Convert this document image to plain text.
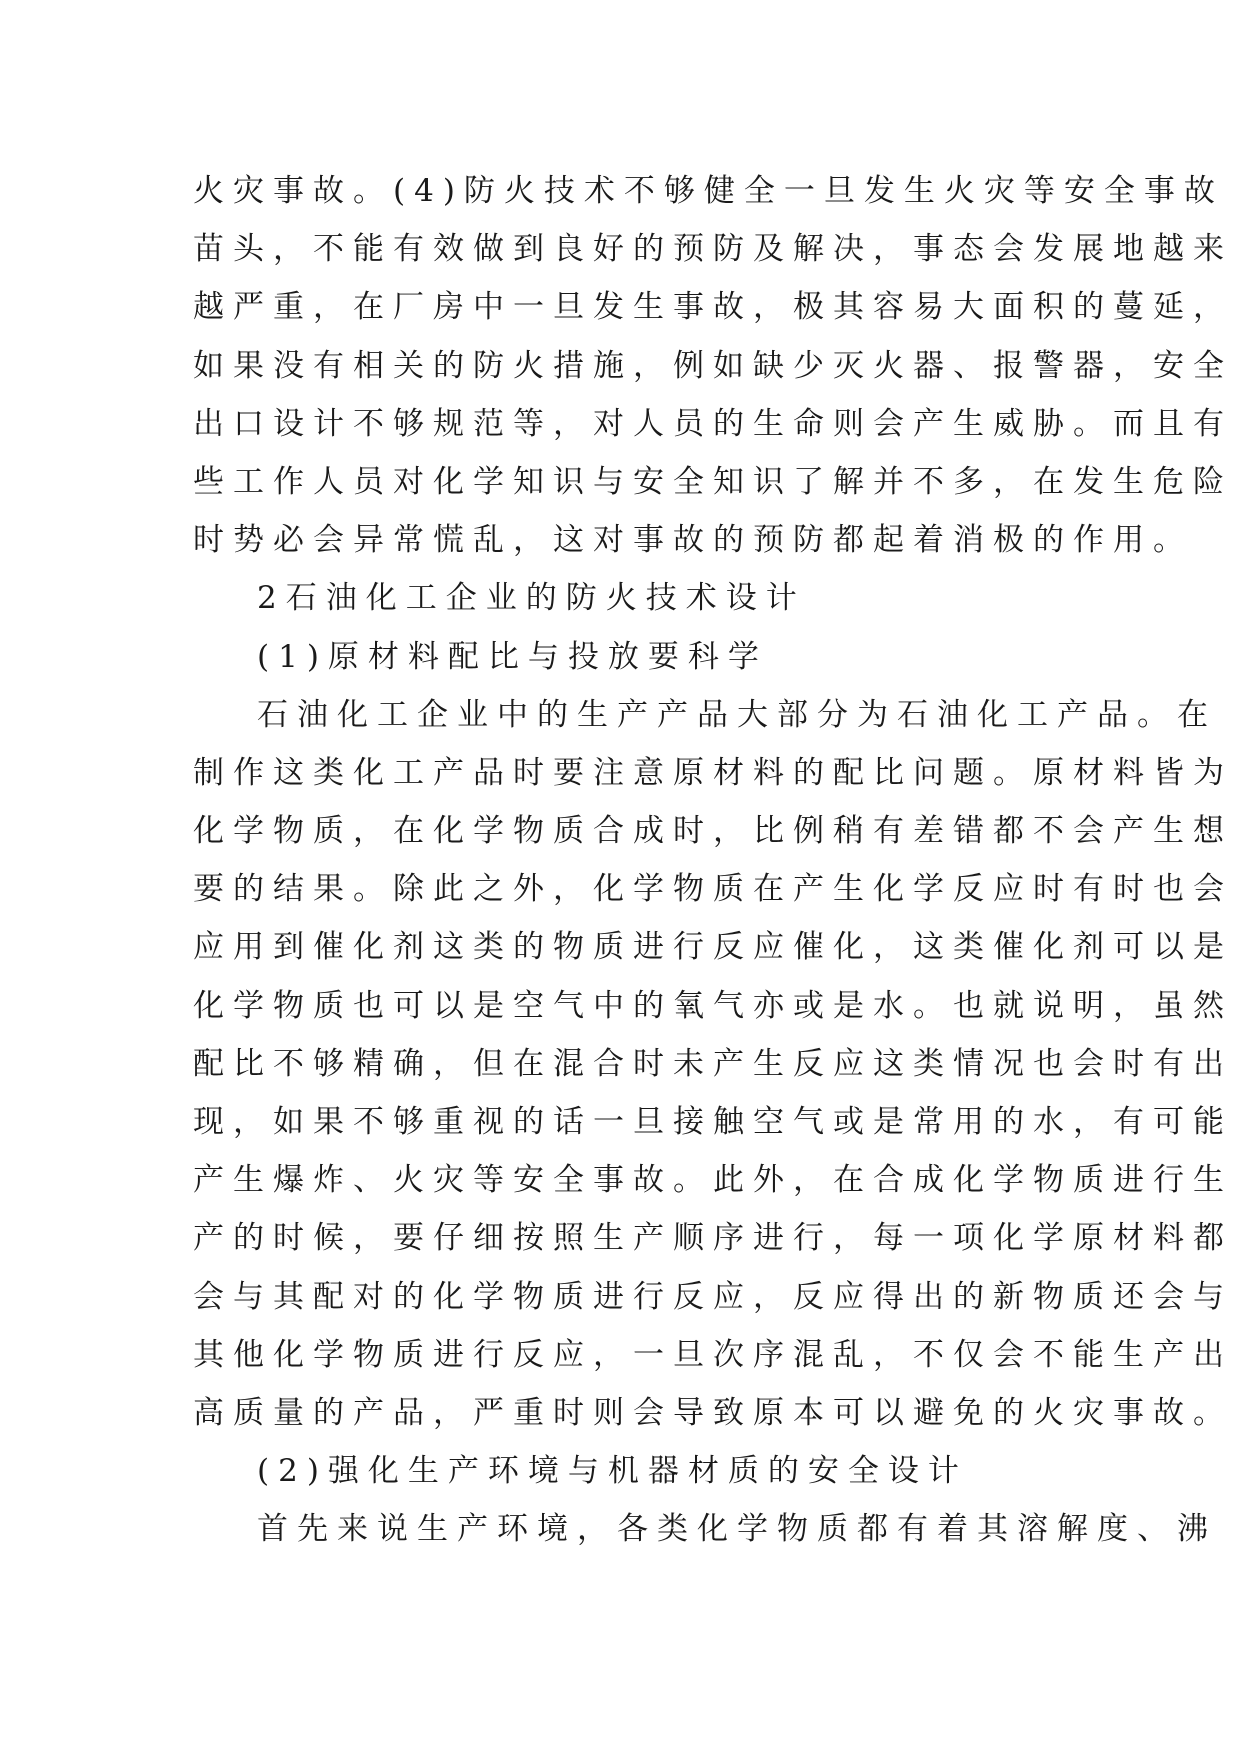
火灾事故。(4)防火技术不够健全一旦发生火灾等安全事故
苗头，不能有效做到良好的预防及解决，事态会发展地越来
越严重，在厂房中一旦发生事故，极其容易大面积的蔓延，
如果没有相关的防火措施，例如缺少灭火器、报警器，安全
出口设计不够规范等，对人员的生命则会产生威胁。而且有
些工作人员对化学知识与安全知识了解并不多，在发生危险
时势必会异常慌乱，这对事故的预防都起着消极的作用。
2石油化工企业的防火技术设计
(1)原材料配比与投放要科学
石油化工企业中的生产产品大部分为石油化工产品。在
制作这类化工产品时要注意原材料的配比问题。原材料皆为
化学物质，在化学物质合成时，比例稍有差错都不会产生想
要的结果。除此之外，化学物质在产生化学反应时有时也会
应用到催化剂这类的物质进行反应催化，这类催化剂可以是
化学物质也可以是空气中的氧气亦或是水。也就说明，虽然
配比不够精确，但在混合时未产生反应这类情况也会时有出
现，如果不够重视的话一旦接触空气或是常用的水，有可能
产生爆炸、火灾等安全事故。此外，在合成化学物质进行生
产的时候，要仔细按照生产顺序进行，每一项化学原材料都
会与其配对的化学物质进行反应，反应得出的新物质还会与
其他化学物质进行反应，一旦次序混乱，不仅会不能生产出
高质量的产品，严重时则会导致原本可以避免的火灾事故。
(2)强化生产环境与机器材质的安全设计
首先来说生产环境，各类化学物质都有着其溶解度、沸
